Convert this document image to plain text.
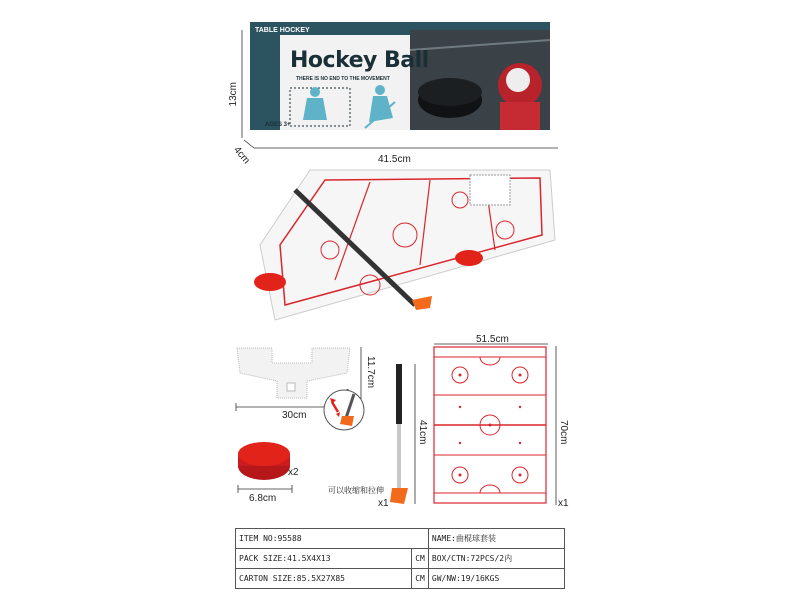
TABLE HOCKEY
Hockey Ball
THERE IS NO END TO THE MOVEMENT
AGES 3+
13cm
4cm	41.5cm
11.7cm
30cm
x2
6.8cm
可以收缩和拉伸
41cm
x1
51.5cm
70cm
x1
ITEM NO:95588		NAME:曲棍球套装
PACK SIZE:41.5X4X13	CM	BOX/CTN:72PCS/2内
CARTON SIZE:85.5X27X85	CM	GW/NW:19/16KGS
